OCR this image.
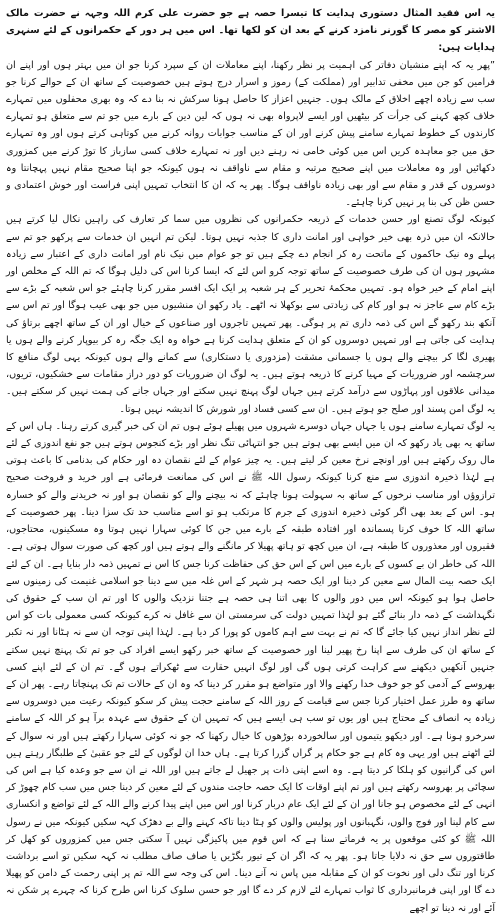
یہ اس فقید المثال دستوری ہدایت کا تیسرا حصہ ہے جو حضرت علی کرم اللہ وجہہ نے حضرت مالک الاشتر کو مصر کا گورنر نامزد کرنے کے بعد ان کو لکھا تھا۔ اس میں ہر دور کے حکمرانوں کے لئے سنہری ہدایات ہیں:

”پھر یہ کہ اپنے منشیان دفاتر کی اہمیت پر نظر رکھنا، اپنے معاملات ان کے سپرد کرنا جو ان میں بہتر ہوں اور اپنے ان فرامین کو جن میں مخفی تدابیر اور (مملکت کے) رموز و اسرار درج ہوتے ہیں خصوصیت کے ساتھ ان کے حوالے کرنا جو سب سے زیادہ اچھے اخلاق کے مالک ہوں۔ جنہیں اعزاز کا حاصل ہونا سرکش نہ بنا دے کہ وہ بھری محفلوں میں تمہارے خلاف کچھ کہنے کی جرأت کر بیٹھیں اور ایسے لاپرواہ بھی نہ ہوں کہ لین دین کے بارے میں جو تم سے متعلق ہو تمہارے کارندوں کے خطوط تمہارے سامنے پیش کرنے اور ان کے مناسب جوابات روانہ کرنے میں کوتاہی کرتے ہوں اور وہ تمہارے حق میں جو معاہدہ کریں اس میں کوئی خامی نہ رہنے دیں اور نہ تمہارے خلاف کسی سازباز کا توڑ کرنے میں کمزوری دکھائیں اور وہ معاملات میں اپنے صحیح مرتبہ و مقام سے ناواقف نہ ہوں کیونکہ جو اپنا صحیح مقام نہیں پہچانتا وہ دوسروں کے قدر و مقام سے اور بھی زیادہ ناواقف ہوگا۔ پھر یہ کہ ان کا انتخاب تمہیں اپنی فراست اور خوش اعتمادی و حسن ظن کی بنا پر نہیں کرنا چاہئے۔

کیونکہ لوگ تصنع اور حسن خدمات کے ذریعہ حکمرانوں کی نظروں میں سما کر تعارف کی راہیں نکال لیا کرتے ہیں حالانکہ ان میں ذرہ بھی خیر خواہی اور امانت داری کا جذبہ نہیں ہوتا۔ لیکن تم انہیں ان خدمات سے پرکھو جو تم سے پہلے وہ نیک حاکموں کے ماتحت رہ کر انجام دے چکے ہیں تو جو عوام میں نیک نام اور امانت داری کے اعتبار سے زیادہ مشہور ہوں ان کی طرف خصوصیت کے ساتھ توجہ کرو اس لئے کہ ایسا کرنا اس کی دلیل ہوگا کہ تم اللہ کے مخلص اور اپنے امام کے خیر خواہ ہو۔ تمہیں محکمۂ تحریر کے ہر شعبہ پر ایک ایک افسر مقرر کرنا چاہئے جو اس شعبہ کے بڑے سے بڑے کام سے عاجز نہ ہو اور کام کی زیادتی سے بوکھلا نہ اٹھے۔ یاد رکھو ان منشیوں میں جو بھی عیب ہوگا اور تم اس سے آنکھ بند رکھو گے اس کی ذمہ داری تم پر ہوگی۔ پھر تمہیں تاجروں اور صناعوں کے خیال اور ان کے ساتھ اچھے برتاؤ کی ہدایت کی جاتی ہے اور تمہیں دوسروں کو ان کے متعلق ہدایت کرنا ہے خواہ وہ ایک جگہ رہ کر بیوپار کرنے والے ہوں یا پھیری لگا کر بیچنے والے ہوں یا جسمانی مشقت (مزدوری یا دستکاری) سے کمانے والے ہوں کیونکہ یہی لوگ منافع کا سرچشمہ اور ضروریات کے مہیا کرنے کا ذریعہ ہوتے ہیں۔ یہ لوگ ان ضروریات کو دور دراز مقامات سے خشکیوں، تریوں، میدانی علاقوں اور پہاڑوں سے درآمد کرتے ہیں جہاں لوگ پہنچ نہیں سکتے اور جہاں جانے کی ہمت نہیں کر سکتے ہیں۔ یہ لوگ امن پسند اور صلح جو ہوتے ہیں۔ ان سے کسی فساد اور شورش کا اندیشہ نہیں ہوتا۔

یہ لوگ تمہارے سامنے ہوں یا جہاں جہاں دوسرے شہروں میں پھیلے ہوئے ہوں تم ان کی خبر گیری کرتے رہنا۔ ہاں اس کے ساتھ یہ بھی یاد رکھو کہ ان میں ایسے بھی ہوتے ہیں جو انتہائی تنگ نظر اور بڑے کنجوس ہوتے ہیں جو نفع اندوزی کے لئے مال روک رکھتے ہیں اور اونچے نرخ معین کر لیتے ہیں۔ یہ چیز عوام کے لئے نقصان دہ اور حکام کی بدنامی کا باعث ہوتی ہے لہٰذا ذخیرہ اندوزی سے منع کرنا کیونکہ رسول اللہ ﷺ نے اس کی ممانعت فرمائی ہے اور خرید و فروخت صحیح ترازوؤں اور مناسب نرخوں کے ساتھ بہ سہولت ہونا چاہئے کہ نہ بیچنے والے کو نقصان ہو اور نہ خریدنے والے کو خسارہ ہو۔ اس کے بعد بھی اگر کوئی ذخیرہ اندوزی کے جرم کا مرتکب ہو تو اسے مناسب حد تک سزا دینا۔ پھر خصوصیت کے ساتھ اللہ کا خوف کرنا پسماندہ اور افتادہ طبقہ کے بارے میں جن کا کوئی سہارا نہیں ہوتا وہ مسکینوں، محتاجوں، فقیروں اور معذوروں کا طبقہ ہے، ان میں کچھ تو ہاتھ پھیلا کر مانگنے والے ہوتے ہیں اور کچھ کی صورت سوال ہوتی ہے۔ اللہ کی خاطر ان بے کسوں کے بارے میں اس کے اس حق کی حفاظت کرنا جس کا اس نے تمہیں ذمہ دار بنایا ہے۔ ان کے لئے ایک حصہ بیت المال سے معین کر دینا اور ایک حصہ ہر شہر کے اس غلہ میں سے دینا جو اسلامی غنیمت کی زمینوں سے حاصل ہوا ہو کیونکہ اس میں دور والوں کا بھی اتنا ہی حصہ ہے جتنا نزدیک والوں کا اور تم ان سب کے حقوق کی نگہداشت کے ذمہ دار بنائے گئے ہو لہٰذا تمہیں دولت کی سرمستی ان سے غافل نہ کرے کیونکہ کسی معمولی بات کو اس لئے نظر انداز نہیں کیا جائے گا کہ تم نے بہت سے اہم کاموں کو پورا کر دیا ہے۔ لہٰذا اپنی توجہ ان سے نہ ہٹانا اور نہ تکبر کے ساتھ ان کی طرف سے اپنا رخ پھیر لینا اور خصوصیت کے ساتھ خبر رکھو ایسے افراد کی جو تم تک پہنچ نہیں سکتے جنہیں آنکھیں دیکھنے سے کراہت کرتی ہوں گی اور لوگ انہیں حقارت سے ٹھکراتے ہوں گے۔ تم ان کے لئے اپنے کسی بھروسے کے آدمی کو جو خوف خدا رکھنے والا اور متواضع ہو مقرر کر دینا کہ وہ ان کے حالات تم تک پہنچاتا رہے۔ پھر ان کے ساتھ وہ طرز عمل اختیار کرنا جس سے قیامت کے روز اللہ کے سامنے حجت پیش کر سکو کیونکہ رعیت میں دوسروں سے زیادہ یہ انصاف کے محتاج ہیں اور یوں تو سب ہی ایسے ہیں کہ تمہیں ان کے حقوق سے عہدہ برآ ہو کر اللہ کے سامنے سرخرو ہونا ہے۔ اور دیکھو یتیموں اور سالخوردہ بوڑھوں کا خیال رکھنا کہ جو نہ کوئی سہارا رکھتے ہیں اور نہ سوال کے لئے اٹھتے ہیں اور یہی وہ کام ہے جو حکام پر گراں گزرا کرتا ہے۔ ہاں خدا ان لوگوں کے لئے جو عقبیٰ کے طلبگار رہتے ہیں اس کی گرانیوں کو ہلکا کر دیتا ہے۔ وہ اسے اپنی ذات پر جھیل لے جاتے ہیں اور اللہ نے ان سے جو وعدہ کیا ہے اس کی سچائی پر بھروسہ رکھتے ہیں اور تم اپنے اوقات کا ایک حصہ حاجت مندوں کے لئے معین کر دینا جس میں سب کام چھوڑ کر انہی کے لئے مخصوص ہو جانا اور ان کے لئے ایک عام دربار کرنا اور اس میں اپنے پیدا کرنے والے اللہ کے لئے تواضع و انکساری سے کام لینا اور فوج والوں، نگہبانوں اور پولیس والوں کو ہٹا دینا تاکہ کہنے والے بے دھڑک کہہ سکیں کیونکہ میں نے رسول اللہ ﷺ کو کئی موقعوں پر یہ فرماتے سنا ہے کہ اس قوم میں پاکیزگی نہیں آ سکتی جس میں کمزوروں کو کھل کر طاقتوروں سے حق نہ دلایا جاتا ہو۔ پھر یہ کہ اگر ان کے تیور بگڑیں یا صاف صاف مطلب نہ کہہ سکیں تو اسے برداشت کرنا اور تنگ دلی اور نخوت کو ان کے مقابلہ میں پاس نہ آنے دینا۔ اس کی وجہ سے اللہ تم پر اپنی رحمت کے دامن کو پھیلا دے گا اور اپنی فرمانبرداری کا ثواب تمہارے لئے لازم کر دے گا اور جو حسن سلوک کرنا اس طرح کرنا کہ چہرے پر شکن نہ آئے اور نہ دینا تو اچھے
